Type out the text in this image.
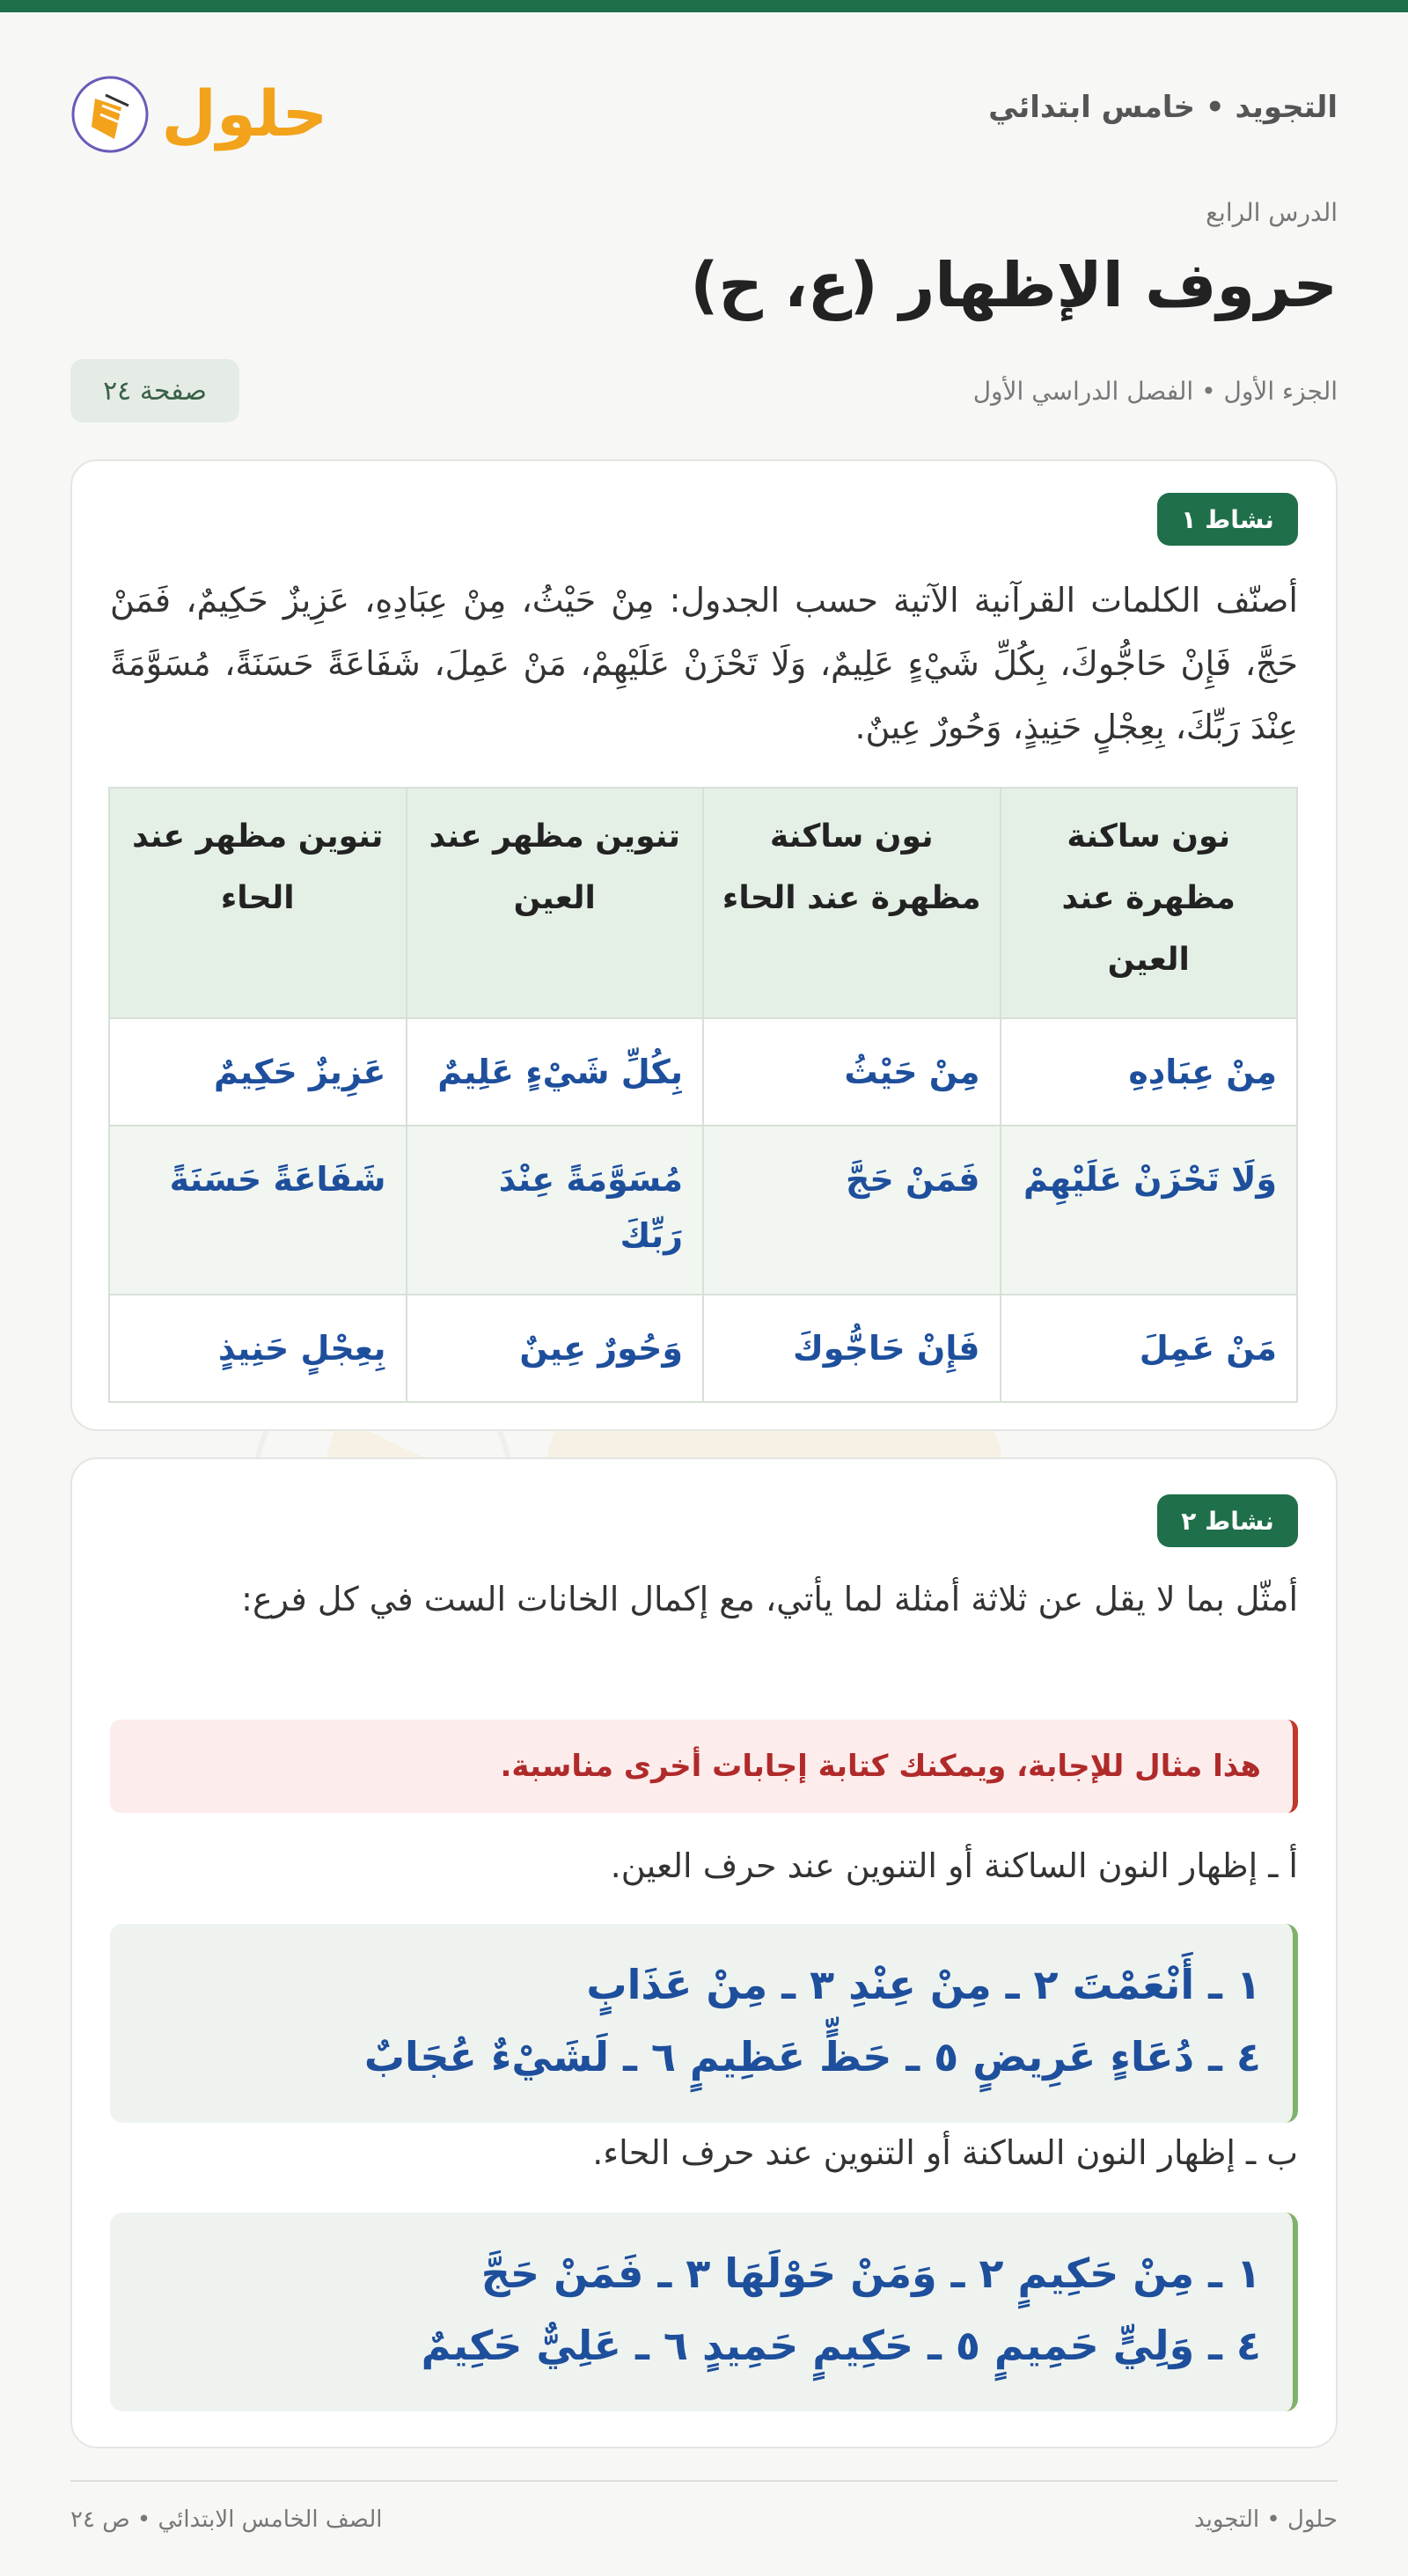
التجويد • خامس ابتدائي
حلول
الدرس الرابع
حروف الإظهار (ع، ح)
الجزء الأول • الفصل الدراسي الأول
صفحة ٢٤
نشاط ١

أصنّف الكلمات القرآنية الآتية حسب الجدول: مِنْ حَيْثُ، مِنْ عِبَادِهِ، عَزِيزٌ حَكِيمٌ، فَمَنْ حَجَّ، فَإِنْ حَاجُّوكَ، بِكُلِّ شَيْءٍ عَلِيمٌ، وَلَا تَحْزَنْ عَلَيْهِمْ، مَنْ عَمِلَ، شَفَاعَةً حَسَنَةً، مُسَوَّمَةً عِنْدَ رَبِّكَ، بِعِجْلٍ حَنِيذٍ، وَحُورٌ عِينٌ.

نون ساكنة مظهرة عند العين	نون ساكنة مظهرة عند الحاء	تنوين مظهر عند العين	تنوين مظهر عند الحاء
مِنْ عِبَادِهِ	مِنْ حَيْثُ	بِكُلِّ شَيْءٍ عَلِيمٌ	عَزِيزٌ حَكِيمٌ
وَلَا تَحْزَنْ عَلَيْهِمْ	فَمَنْ حَجَّ	مُسَوَّمَةً عِنْدَ رَبِّكَ	شَفَاعَةً حَسَنَةً
مَنْ عَمِلَ	فَإِنْ حَاجُّوكَ	وَحُورٌ عِينٌ	بِعِجْلٍ حَنِيذٍ
نشاط ٢

أمثّل بما لا يقل عن ثلاثة أمثلة لما يأتي، مع إكمال الخانات الست في كل فرع:

هذا مثال للإجابة، ويمكنك كتابة إجابات أخرى مناسبة.
أ ـ إظهار النون الساكنة أو التنوين عند حرف العين.
١ ـ أَنْعَمْتَ ٢ ـ مِنْ عِنْدِ ٣ ـ مِنْ عَذَابٍ
٤ ـ دُعَاءٍ عَرِيضٍ ٥ ـ حَظٍّ عَظِيمٍ ٦ ـ لَشَيْءٌ عُجَابٌ
ب ـ إظهار النون الساكنة أو التنوين عند حرف الحاء.
١ ـ مِنْ حَكِيمٍ ٢ ـ وَمَنْ حَوْلَهَا ٣ ـ فَمَنْ حَجَّ
٤ ـ وَلِيٍّ حَمِيمٍ ٥ ـ حَكِيمٍ حَمِيدٍ ٦ ـ عَلِيٌّ حَكِيمٌ
حلول • التجويد
الصف الخامس الابتدائي • ص ٢٤
